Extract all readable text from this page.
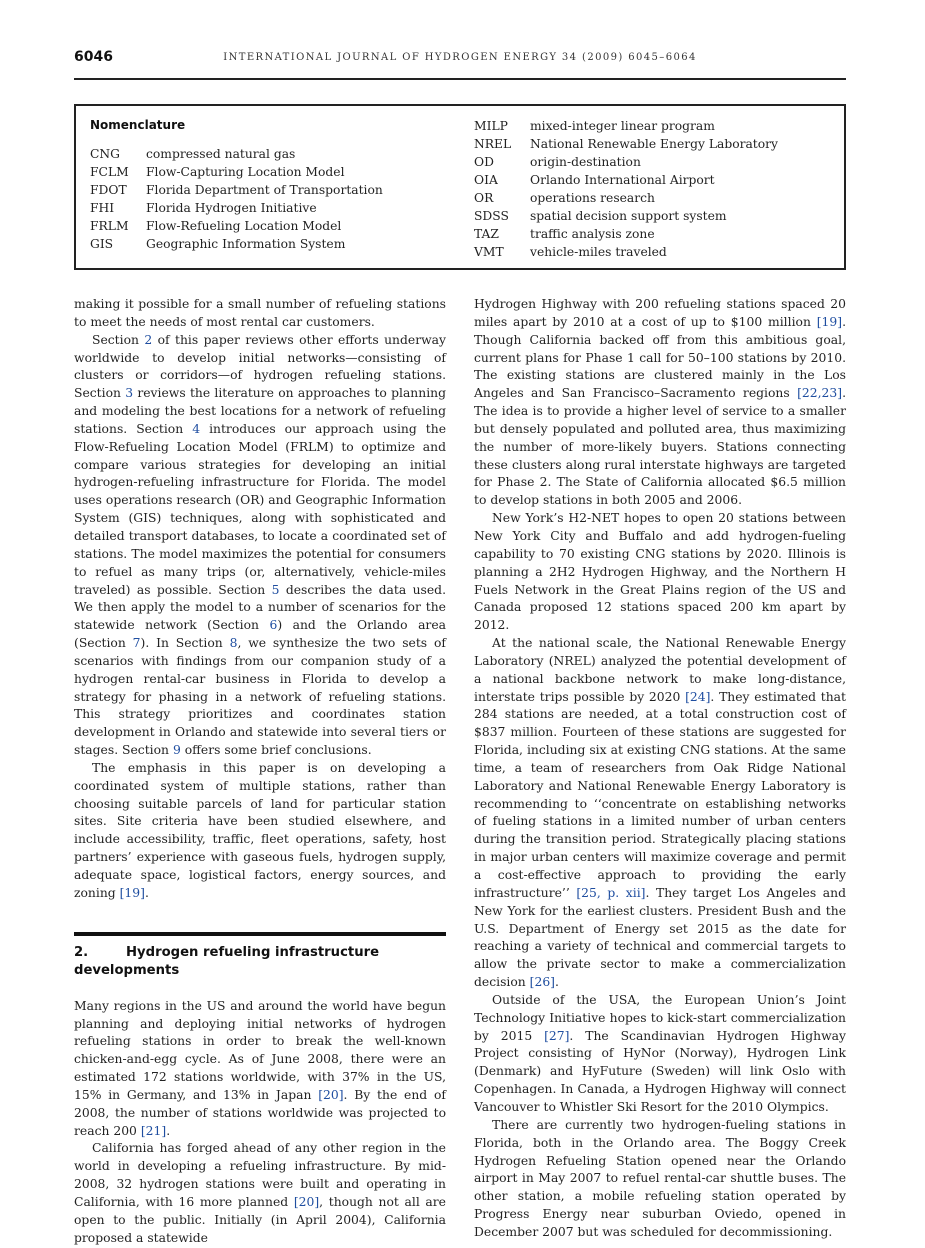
6046	INTERNATIONAL JOURNAL OF HYDROGEN ENERGY 34 (2009) 6045–6064
Nomenclature
CNG	compressed natural gas
FCLM	Flow-Capturing Location Model
FDOT	Florida Department of Transportation
FHI	Florida Hydrogen Initiative
FRLM	Flow-Refueling Location Model
GIS	Geographic Information System
MILP	mixed-integer linear program
NREL	National Renewable Energy Laboratory
OD	origin-destination
OIA	Orlando International Airport
OR	operations research
SDSS	spatial decision support system
TAZ	traffic analysis zone
VMT	vehicle-miles traveled

making it possible for a small number of refueling stations to meet the needs of most rental car customers.

Section 2 of this paper reviews other efforts underway worldwide to develop initial networks—consisting of clusters or corridors—of hydrogen refueling stations. Section 3 reviews the literature on approaches to planning and modeling the best locations for a network of refueling stations. Section 4 introduces our approach using the Flow-Refueling Location Model (FRLM) to optimize and compare various strategies for developing an initial hydrogen-refueling infrastructure for Florida. The model uses operations research (OR) and Geographic Information System (GIS) techniques, along with sophisticated and detailed transport databases, to locate a coordinated set of stations. The model maximizes the potential for consumers to refuel as many trips (or, alternatively, vehicle-miles traveled) as possible. Section 5 describes the data used. We then apply the model to a number of scenarios for the statewide network (Section 6) and the Orlando area (Section 7). In Section 8, we synthesize the two sets of scenarios with findings from our companion study of a hydrogen rental-car business in Florida to develop a strategy for phasing in a network of refueling stations. This strategy prioritizes and coordinates station development in Orlando and statewide into several tiers or stages. Section 9 offers some brief conclusions.

The emphasis in this paper is on developing a coordinated system of multiple stations, rather than choosing suitable parcels of land for particular station sites. Site criteria have been studied elsewhere, and include accessibility, traffic, fleet operations, safety, host partners’ experience with gaseous fuels, hydrogen supply, adequate space, logistical factors, energy sources, and zoning [19].

2.	Hydrogen refueling infrastructure developments

Many regions in the US and around the world have begun planning and deploying initial networks of hydrogen refueling stations in order to break the well-known chicken-and-egg cycle. As of June 2008, there were an estimated 172 stations worldwide, with 37% in the US, 15% in Germany, and 13% in Japan [20]. By the end of 2008, the number of stations worldwide was projected to reach 200 [21].

California has forged ahead of any other region in the world in developing a refueling infrastructure. By mid-2008, 32 hydrogen stations were built and operating in California, with 16 more planned [20], though not all are open to the public. Initially (in April 2004), California proposed a statewide

Hydrogen Highway with 200 refueling stations spaced 20 miles apart by 2010 at a cost of up to $100 million [19]. Though California backed off from this ambitious goal, current plans for Phase 1 call for 50–100 stations by 2010. The existing stations are clustered mainly in the Los Angeles and San Francisco–Sacramento regions [22,23]. The idea is to provide a higher level of service to a smaller but densely populated and polluted area, thus maximizing the number of more-likely buyers. Stations connecting these clusters along rural interstate highways are targeted for Phase 2. The State of California allocated $6.5 million to develop stations in both 2005 and 2006.

New York’s H2-NET hopes to open 20 stations between New York City and Buffalo and add hydrogen-fueling capability to 70 existing CNG stations by 2020. Illinois is planning a 2H2 Hydrogen Highway, and the Northern H Fuels Network in the Great Plains region of the US and Canada proposed 12 stations spaced 200 km apart by 2012.

At the national scale, the National Renewable Energy Laboratory (NREL) analyzed the potential development of a national backbone network to make long-distance, interstate trips possible by 2020 [24]. They estimated that 284 stations are needed, at a total construction cost of $837 million. Fourteen of these stations are suggested for Florida, including six at existing CNG stations. At the same time, a team of researchers from Oak Ridge National Laboratory and National Renewable Energy Laboratory is recommending to ‘‘concentrate on establishing networks of fueling stations in a limited number of urban centers during the transition period. Strategically placing stations in major urban centers will maximize coverage and permit a cost-effective approach to providing the early infrastructure’’ [25, p. xii]. They target Los Angeles and New York for the earliest clusters. President Bush and the U.S. Department of Energy set 2015 as the date for reaching a variety of technical and commercial targets to allow the private sector to make a commercialization decision [26].

Outside of the USA, the European Union’s Joint Technology Initiative hopes to kick-start commercialization by 2015 [27]. The Scandinavian Hydrogen Highway Project consisting of HyNor (Norway), Hydrogen Link (Denmark) and HyFuture (Sweden) will link Oslo with Copenhagen. In Canada, a Hydrogen Highway will connect Vancouver to Whistler Ski Resort for the 2010 Olympics.

There are currently two hydrogen-fueling stations in Florida, both in the Orlando area. The Boggy Creek Hydrogen Refueling Station opened near the Orlando airport in May 2007 to refuel rental-car shuttle buses. The other station, a mobile refueling station operated by Progress Energy near suburban Oviedo, opened in December 2007 but was scheduled for decommissioning.
